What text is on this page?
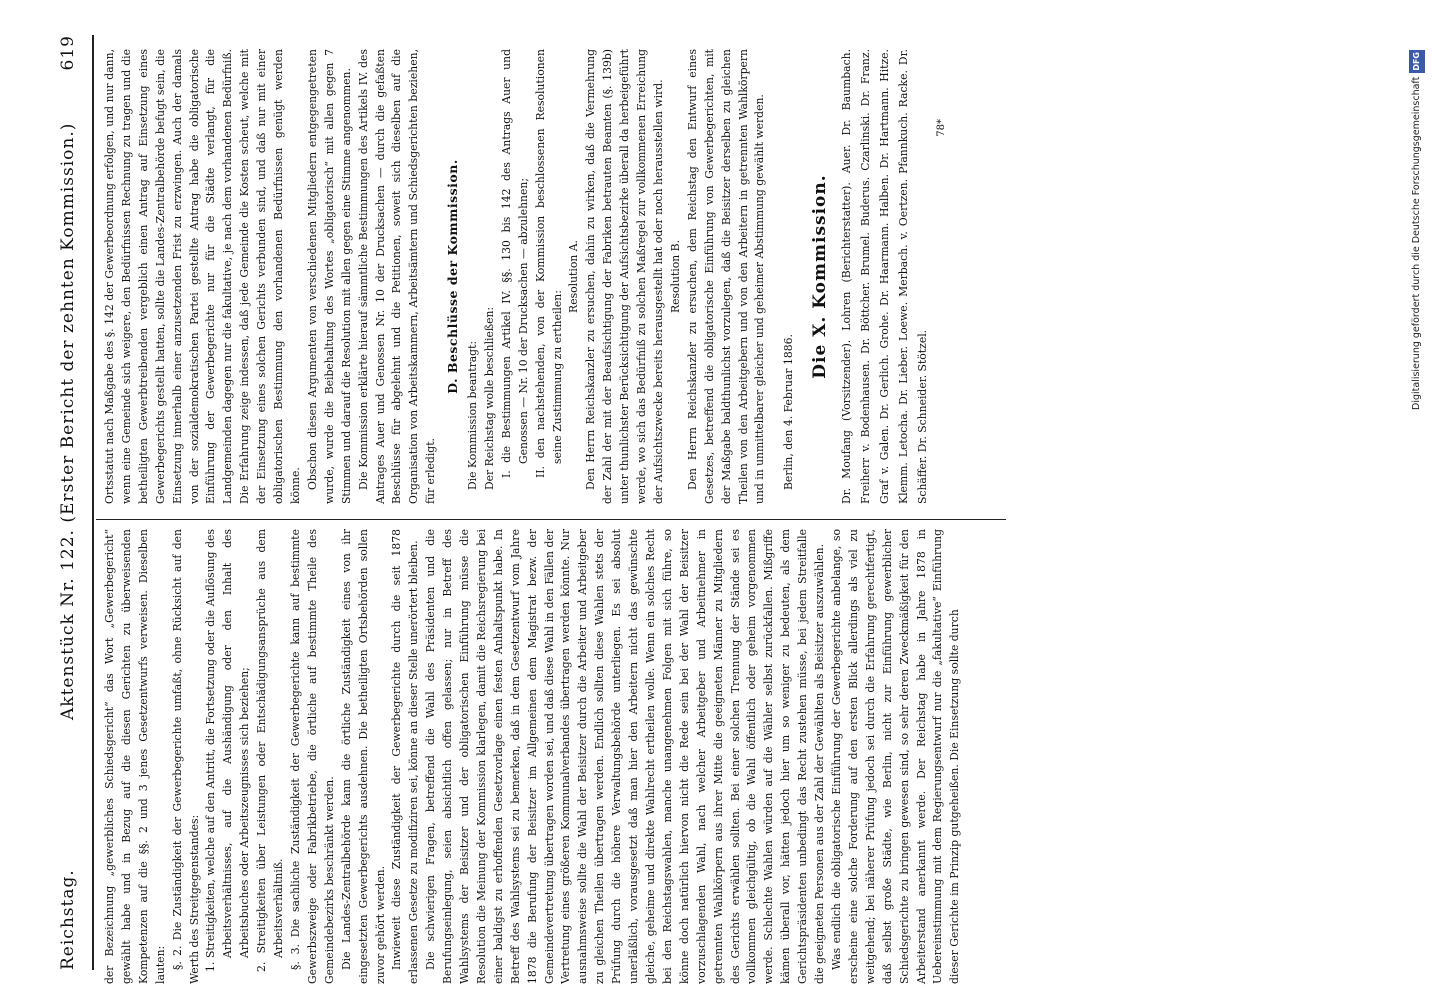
Reichstag.
Aktenstück Nr. 122. (Erster Bericht der zehnten Kommission.)
619

der Bezeichnung „gewerbliches Schiedsgericht“ das Wort „Gewerbegericht“ gewählt habe und in Bezug auf die diesen Gerichten zu überweisenden Kompetenzen auf die §§. 2 und 3 jenes Gesetzentwurfs verweisen. Dieselben lauten: §. 2. Die Zuständigkeit der Gewerbegerichte umfaßt, ohne Rücksicht auf den Werth des Streitgegenstandes: 1. Streitigkeiten, welche auf den Antritt, die Fortsetzung oder die Auflösung des Arbeitsverhältnisses, auf die Aushändigung oder den Inhalt des Arbeitsbuches oder Arbeitszeugnisses sich beziehen; 2. Streitigkeiten über Leistungen oder Entschädigungsansprüche aus dem Arbeitsverhältniß. §. 3. Die sachliche Zuständigkeit der Gewerbegerichte kann auf bestimmte Gewerbszweige oder Fabrikbetriebe, die örtliche auf bestimmte Theile des Gemeindebezirks beschränkt werden. Die Landes-Zentralbehörde kann die örtliche Zuständigkeit eines von ihr eingesetzten Gewerbegerichts ausdehnen. Die betheiligten Ortsbehörden sollen zuvor gehört werden. Inwieweit diese Zuständigkeit der Gewerbegerichte durch die seit 1878 erlassenen Gesetze zu modifiziren sei, könne an dieser Stelle unerörtert bleiben. Die schwierigen Fragen, betreffend die Wahl des Präsidenten und die Berufungseinlegung, seien absichtlich offen gelassen; nur in Betreff des Wahlsystems der Beisitzer und der obligatorischen Einführung müsse die Resolution die Meinung der Kommission klarlegen, damit die Reichsregierung bei einer baldigst zu erhoffenden Gesetzvorlage einen festen Anhaltspunkt habe. In Betreff des Wahlsystems sei zu bemerken, daß in dem Gesetzentwurf vom Jahre 1878 die Berufung der Beisitzer im Allgemeinen dem Magistrat bezw. der Gemeindevertretung übertragen worden sei, und daß diese Wahl in den Fällen der Vertretung eines größeren Kommunalverbandes übertragen werden könnte. Nur ausnahmsweise sollte die Wahl der Beisitzer durch die Arbeiter und Arbeitgeber zu gleichen Theilen übertragen werden. Endlich sollten diese Wahlen stets der Prüfung durch die höhere Verwaltungsbehörde unterliegen. Es sei absolut unerläßlich, vorausgesetzt daß man hier den Arbeitern nicht das gewünschte gleiche, geheime und direkte Wahlrecht ertheilen wolle. Wenn ein solches Recht bei den Reichstagswahlen, manche unangenehmen Folgen mit sich führe, so könne doch natürlich hiervon nicht die Rede sein bei der Wahl der Beisitzer vorzuschlagenden Wahl, nach welcher Arbeitgeber und Arbeitnehmer in getrennten Wahlkörpern aus ihrer Mitte die geeigneten Männer zu Mitgliedern des Gerichts erwählen sollten. Bei einer solchen Trennung der Stände sei es vollkommen gleichgültig, ob die Wahl öffentlich oder geheim vorgenommen werde. Schlechte Wahlen würden auf die Wähler selbst zurückfallen. Mißgriffe kämen überall vor, hätten jedoch hier um so weniger zu bedeuten, als dem Gerichtspräsidenten unbedingt das Recht zustehen müsse, bei jedem Streitfalle die geeigneten Personen aus der Zahl der Gewählten als Beisitzer auszuwählen. Was endlich die obligatorische Einführung der Gewerbegerichte anbelange, so erscheine eine solche Forderung auf den ersten Blick allerdings als viel zu weitgehend; bei näherer Prüfung jedoch sei durch die Erfahrung gerechtfertigt, daß selbst große Städte, wie Berlin, nicht zur Einführung gewerblicher Schiedsgerichte zu bringen gewesen sind, so sehr deren Zweckmäßigkeit für den Arbeiterstand anerkannt werde. Der Reichstag habe in Jahre 1878 in Uebereinstimmung mit dem Regierungsentwurf nur die „fakultative“ Einführung dieser Gerichte im Prinzip gutgeheißen. Die Einsetzung sollte durch

Ortsstatut nach Maßgabe des §. 142 der Gewerbeordnung erfolgen, und nur dann, wenn eine Gemeinde sich weigere, den Bedürfnissen Rechnung zu tragen und die betheiligten Gewerbtreibenden vergeblich einen Antrag auf Einsetzung eines Gewerbegerichts gestellt hatten, sollte die Landes-Zentralbehörde befugt sein, die Einsetzung innerhalb einer anzusetzenden Frist zu erzwingen. Auch der damals von der sozialdemokratischen Partei gestellte Antrag habe die obligatorische Einführung der Gewerbegerichte nur für die Städte verlangt, für die Landgemeinden dagegen nur die fakultative, je nach dem vorhandenen Bedürfniß. Die Erfahrung zeige indessen, daß jede Gemeinde die Kosten scheut, welche mit der Einsetzung eines solchen Gerichts verbunden sind, und daß nur mit einer obligatorischen Bestimmung den vorhandenen Bedürfnissen genügt werden könne. Obschon diesen Argumenten von verschiedenen Mitgliedern entgegengetreten wurde, wurde die Beibehaltung des Wortes „obligatorisch“ mit allen gegen 7 Stimmen und darauf die Resolution mit allen gegen eine Stimme angenommen. Die Kommission erklärte hierauf sämmtliche Bestimmungen des Artikels IV. des Antrages Auer und Genossen Nr. 10 der Drucksachen — durch die gefaßten Beschlüsse für abgelehnt und die Petitionen, soweit sich dieselben auf die Organisation von Arbeitskammern, Arbeitsämtern und Schiedsgerichten beziehen, für erledigt.

D. Beschlüsse der Kommission.

Die Kommission beantragt: Der Reichstag wolle beschließen: I. die Bestimmungen Artikel IV. §§. 130 bis 142 des Antrags Auer und Genossen — Nr. 10 der Drucksachen — abzulehnen; II. den nachstehenden, von der Kommission beschlossenen Resolutionen seine Zustimmung zu ertheilen:

Resolution A. Den Herrn Reichskanzler zu ersuchen, dahin zu wirken, daß die Vermehrung der Zahl der mit der Beaufsichtigung der Fabriken betrauten Beamten (§. 139b) unter thunlichster Berücksichtigung der Aufsichtsbezirke überall da herbeigeführt werde, wo sich das Bedürfniß zu solchen Maßregel zur vollkommenen Erreichung der Aufsichtszwecke bereits herausgestellt hat oder noch herausstellen wird. Resolution B. Den Herrn Reichskanzler zu ersuchen, dem Reichstag den Entwurf eines Gesetzes, betreffend die obligatorische Einführung von Gewerbegerichten, mit der Maßgabe baldthunlichst vorzulegen, daß die Beisitzer derselben zu gleichen Theilen von den Arbeitgebern und von den Arbeitern in getrennten Wahlkörpern und in unmittelbarer gleicher und geheimer Abstimmung gewählt werden. Berlin, den 4. Februar 1886.

Die X. Kommission. Dr. Moufang (Vorsitzender). Lohren (Berichterstatter). Auer. Dr. Baumbach. Freiherr v. Bodenhausen. Dr. Böttcher. Brumel. Buderus. Czarlinski. Dr. Franz. Graf v. Galen. Dr. Gerlich. Grohe. Dr. Haarmann. Halben. Dr. Hartmann. Hitze. Klemm. Letocha. Dr. Lieber. Loewe. Merbach. v. Oertzen. Pfannkuch. Racke. Dr. Schäffer. Dr. Schneider. Stötzel.

78*	Digitalisierung gefördert durch die Deutsche ForschungsgemeinschaftDFG
